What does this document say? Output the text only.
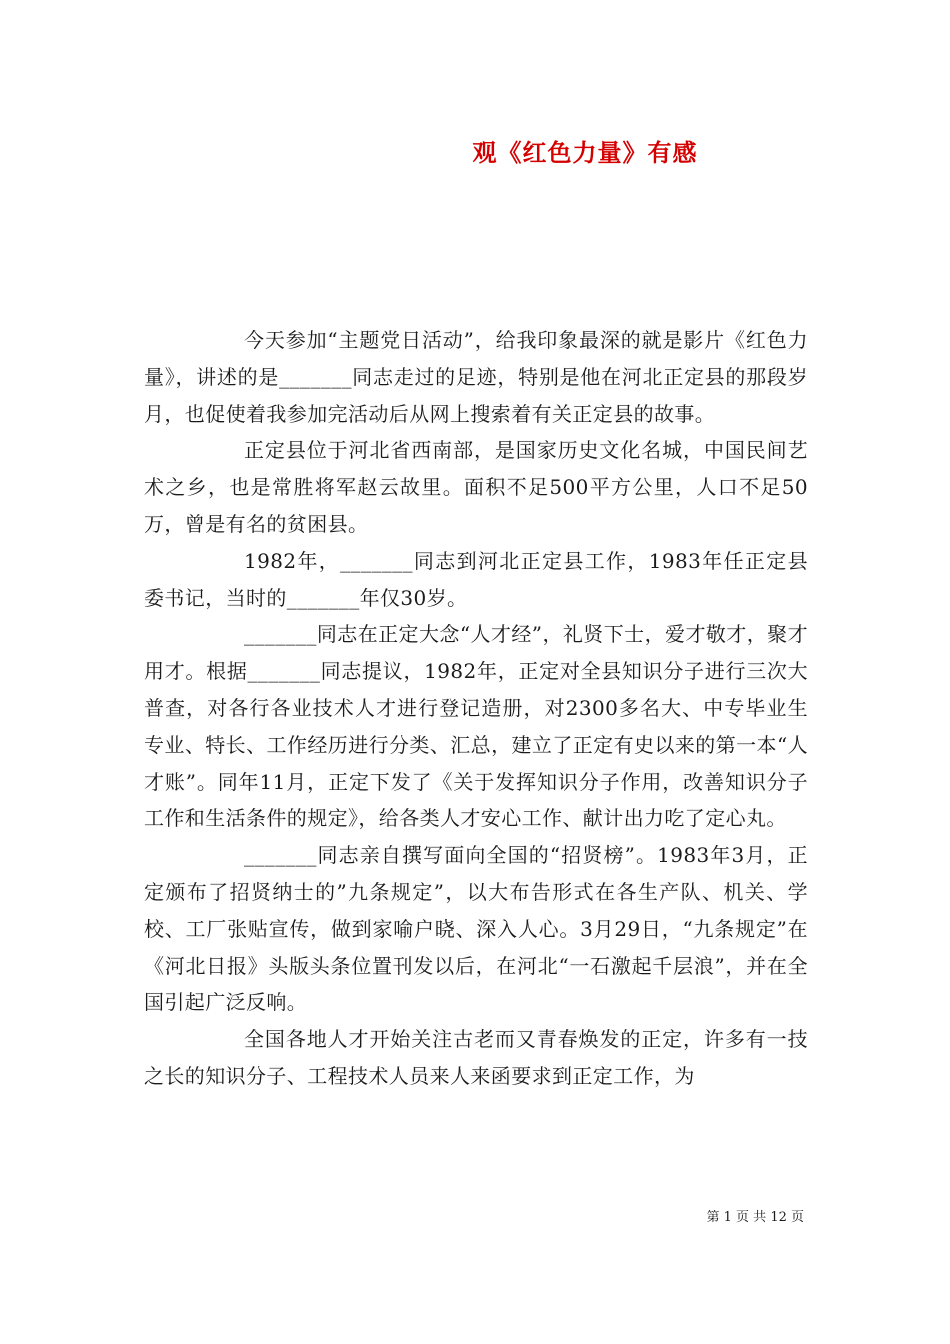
观《红色力量》有感

今天参加“主题党日活动”，给我印象最深的就是影片《红色力量》，讲述的是_______同志走过的足迹，特别是他在河北正定县的那段岁月，也促使着我参加完活动后从网上搜索着有关正定县的故事。

正定县位于河北省西南部，是国家历史文化名城，中国民间艺术之乡，也是常胜将军赵云故里。面积不足500平方公里，人口不足50万，曾是有名的贫困县。

1982年，_______同志到河北正定县工作，1983年任正定县委书记，当时的_______年仅30岁。

_______同志在正定大念“人才经”，礼贤下士，爱才敬才，聚才用才。根据_______同志提议，1982年，正定对全县知识分子进行三次大普查，对各行各业技术人才进行登记造册，对2300多名大、中专毕业生专业、特长、工作经历进行分类、汇总，建立了正定有史以来的第一本“人才账”。同年11月，正定下发了《关于发挥知识分子作用，改善知识分子工作和生活条件的规定》，给各类人才安心工作、献计出力吃了定心丸。

_______同志亲自撰写面向全国的“招贤榜”。1983年3月，正定颁布了招贤纳士的”九条规定”，以大布告形式在各生产队、机关、学校、工厂张贴宣传，做到家喻户晓、深入人心。3月29日，“九条规定”在《河北日报》头版头条位置刊发以后，在河北“一石激起千层浪”，并在全国引起广泛反响。

全国各地人才开始关注古老而又青春焕发的正定，许多有一技之长的知识分子、工程技术人员来人来函要求到正定工作，为

第 1 页 共 12 页
